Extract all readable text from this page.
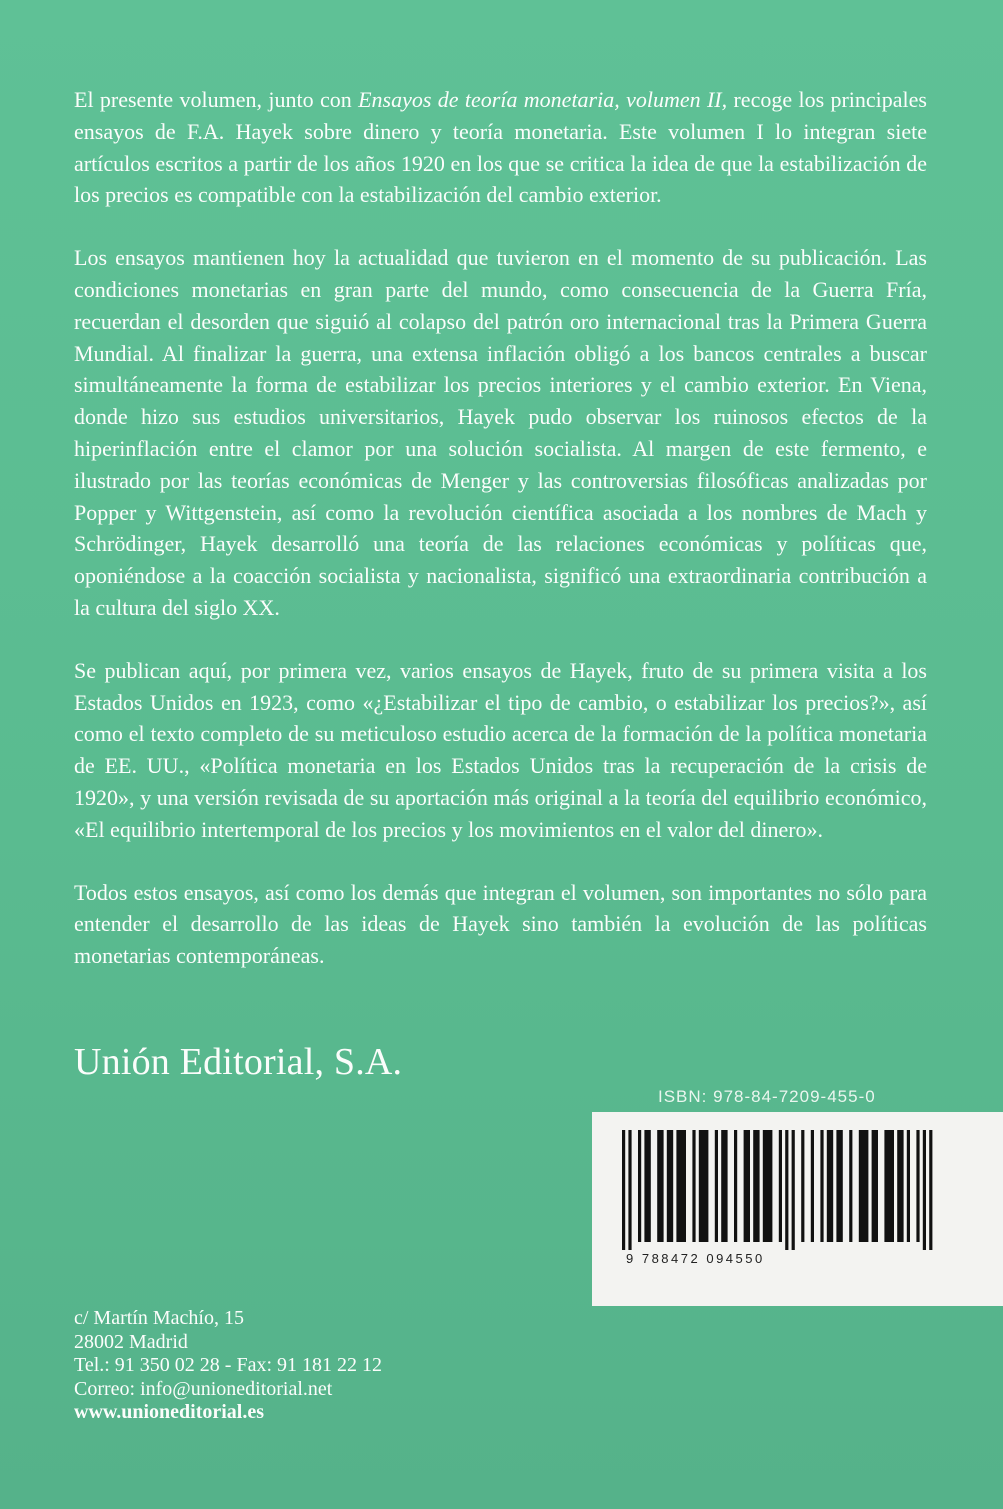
El presente volumen, junto con Ensayos de teoría monetaria, volumen II, recoge los principales ensayos de F.A. Hayek sobre dinero y teoría monetaria. Este volumen I lo integran siete artículos escritos a partir de los años 1920 en los que se critica la idea de que la estabilización de los precios es compatible con la estabilización del cambio exterior.

Los ensayos mantienen hoy la actualidad que tuvieron en el momento de su publicación. Las condiciones monetarias en gran parte del mundo, como consecuencia de la Guerra Fría, recuerdan el desorden que siguió al colapso del patrón oro internacional tras la Primera Guerra Mundial. Al finalizar la guerra, una extensa inflación obligó a los bancos centrales a buscar simultáneamente la forma de estabilizar los precios interiores y el cambio exterior. En Viena, donde hizo sus estudios universitarios, Hayek pudo observar los ruinosos efectos de la hiperinflación entre el clamor por una solución socialista. Al margen de este fermento, e ilustrado por las teorías económicas de Menger y las controversias filosóficas analizadas por Popper y Wittgenstein, así como la revolución científica asociada a los nombres de Mach y Schrödinger, Hayek desarrolló una teoría de las relaciones económicas y políticas que, oponiéndose a la coacción socialista y nacionalista, significó una extraordinaria contribución a la cultura del siglo XX.

Se publican aquí, por primera vez, varios ensayos de Hayek, fruto de su primera visita a los Estados Unidos en 1923, como «¿Estabilizar el tipo de cambio, o estabilizar los precios?», así como el texto completo de su meticuloso estudio acerca de la formación de la política monetaria de EE. UU., «Política monetaria en los Estados Unidos tras la recuperación de la crisis de 1920», y una versión revisada de su aportación más original a la teoría del equilibrio económico, «El equilibrio intertemporal de los precios y los movimientos en el valor del dinero».

Todos estos ensayos, así como los demás que integran el volumen, son importantes no sólo para entender el desarrollo de las ideas de Hayek sino también la evolución de las políticas monetarias contemporáneas.

Unión Editorial, S.A.
ISBN: 978-84-7209-455-0
9 788472 094550
c/ Martín Machío, 15
28002 Madrid
Tel.: 91 350 02 28 - Fax: 91 181 22 12
Correo: info@unioneditorial.net
www.unioneditorial.es
